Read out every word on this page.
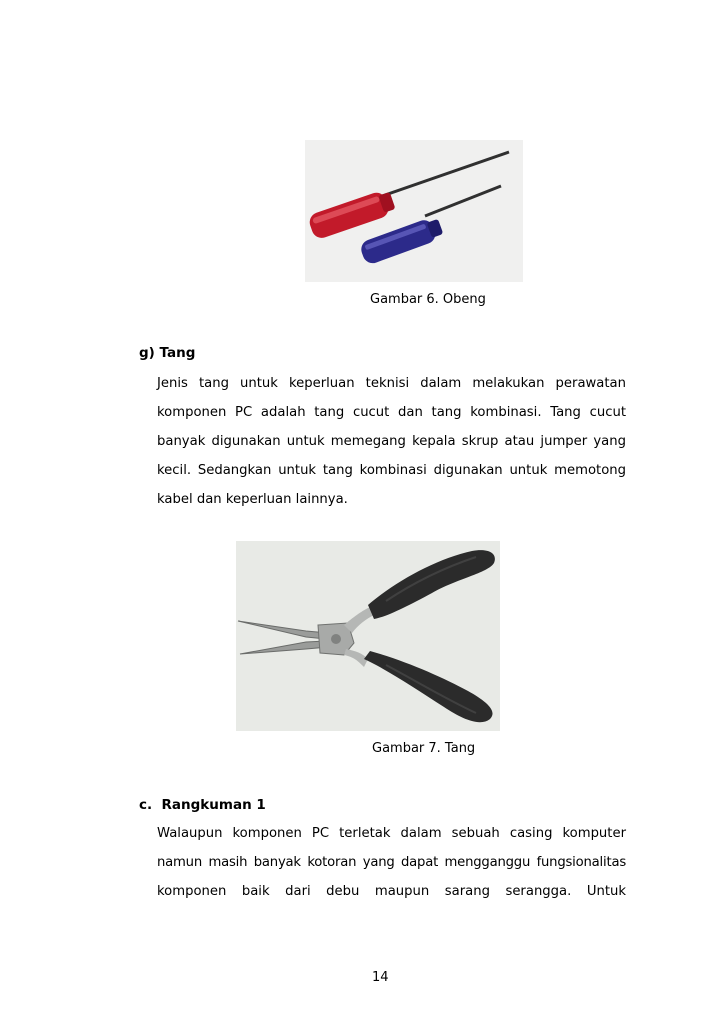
Gambar 6. Obeng
g) Tang
Jenis tang untuk keperluan teknisi dalam melakukan perawatan
komponen PC adalah tang cucut dan tang kombinasi. Tang cucut
banyak digunakan untuk memegang kepala skrup atau jumper yang
kecil. Sedangkan untuk tang kombinasi digunakan untuk memotong
kabel dan keperluan lainnya.
Gambar 7. Tang
c.  Rangkuman 1
Walaupun komponen PC terletak dalam sebuah casing komputer
namun masih banyak kotoran yang dapat mengganggu fungsionalitas
komponen baik dari debu maupun sarang serangga. Untuk
14
